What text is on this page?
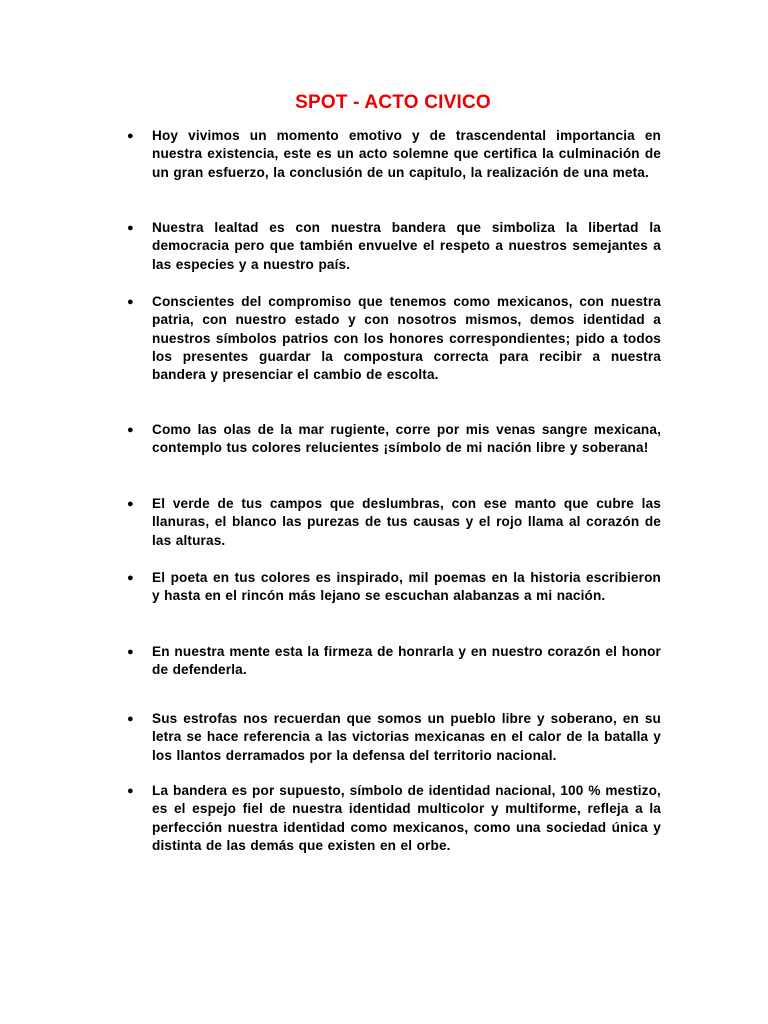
SPOT - ACTO CIVICO
● Hoy vivimos un momento emotivo y de trascendental importancia en nuestra existencia, este es un acto solemne que certifica la culminación de un gran esfuerzo, la conclusión de un capitulo, la realización de una meta.
● Nuestra lealtad es con nuestra bandera que simboliza la libertad la democracia pero que también envuelve el respeto a nuestros semejantes a las especies y a nuestro país.
● Conscientes del compromiso que tenemos como mexicanos, con nuestra patria, con nuestro estado y con nosotros mismos, demos identidad a nuestros símbolos patrios con los honores correspondientes; pido a todos los presentes guardar la compostura correcta para recibir a nuestra bandera y presenciar el cambio de escolta.
● Como las olas de la mar rugiente, corre por mis venas sangre mexicana, contemplo tus colores relucientes ¡símbolo de mi nación libre y soberana!
● El verde de tus campos que deslumbras, con ese manto que cubre las llanuras, el blanco las purezas de tus causas y el rojo llama al corazón de las alturas.
● El poeta en tus colores es inspirado, mil poemas en la historia escribieron y hasta en el rincón más lejano se escuchan alabanzas a mi nación.
● En nuestra mente esta la firmeza de honrarla y en nuestro corazón el honor de defenderla.
● Sus estrofas nos recuerdan que somos un pueblo libre y soberano, en su letra se hace referencia a las victorias mexicanas en el calor de la batalla y los llantos derramados por la defensa del territorio nacional.
● La bandera es por supuesto, símbolo de identidad nacional, 100 % mestizo, es el espejo fiel de nuestra identidad multicolor y multiforme, refleja a la perfección nuestra identidad como mexicanos, como una sociedad única y distinta de las demás que existen en el orbe.
